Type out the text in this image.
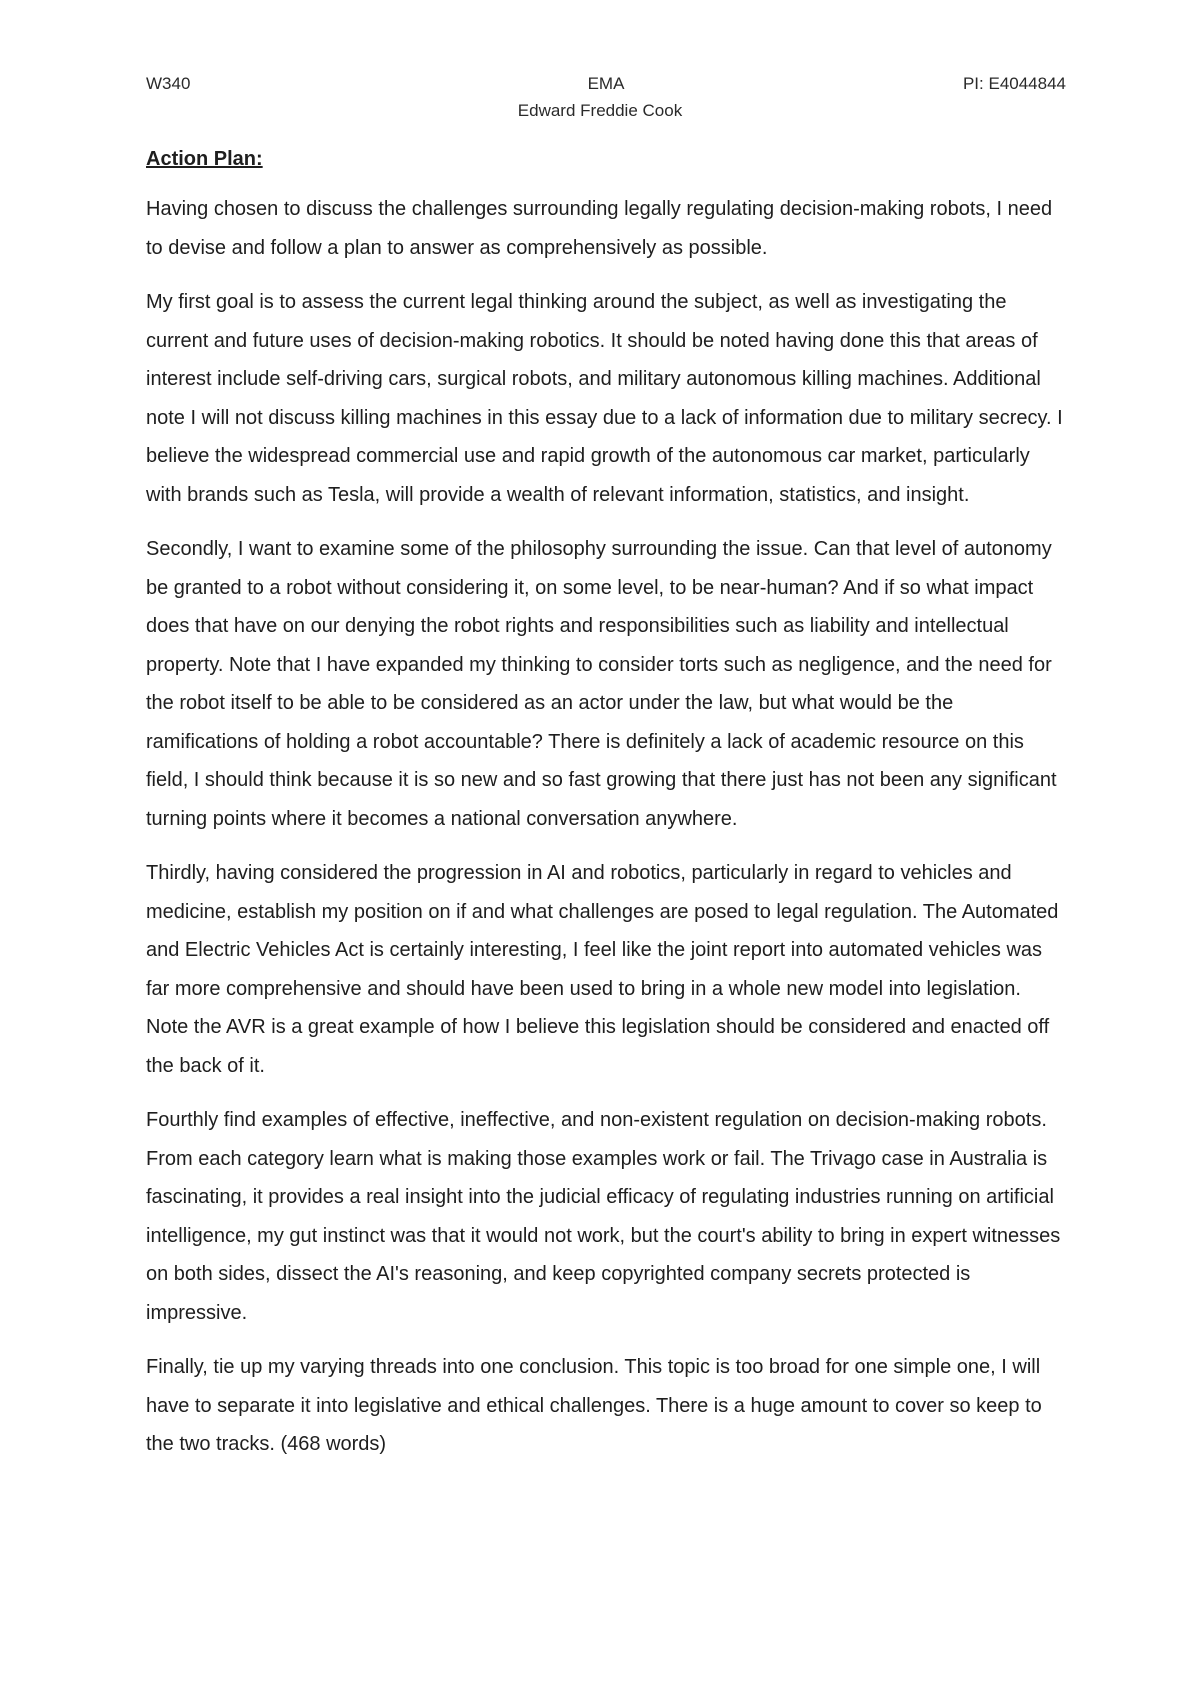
W340	EMA	PI: E4044844
Edward Freddie Cook
Action Plan:

Having chosen to discuss the challenges surrounding legally regulating decision-making robots, I need to devise and follow a plan to answer as comprehensively as possible.

My first goal is to assess the current legal thinking around the subject, as well as investigating the current and future uses of decision-making robotics. It should be noted having done this that areas of interest include self-driving cars, surgical robots, and military autonomous killing machines. Additional note I will not discuss killing machines in this essay due to a lack of information due to military secrecy. I believe the widespread commercial use and rapid growth of the autonomous car market, particularly with brands such as Tesla, will provide a wealth of relevant information, statistics, and insight.

Secondly, I want to examine some of the philosophy surrounding the issue. Can that level of autonomy be granted to a robot without considering it, on some level, to be near-human? And if so what impact does that have on our denying the robot rights and responsibilities such as liability and intellectual property. Note that I have expanded my thinking to consider torts such as negligence, and the need for the robot itself to be able to be considered as an actor under the law, but what would be the ramifications of holding a robot accountable? There is definitely a lack of academic resource on this field, I should think because it is so new and so fast growing that there just has not been any significant turning points where it becomes a national conversation anywhere.

Thirdly, having considered the progression in AI and robotics, particularly in regard to vehicles and medicine, establish my position on if and what challenges are posed to legal regulation. The Automated and Electric Vehicles Act is certainly interesting, I feel like the joint report into automated vehicles was far more comprehensive and should have been used to bring in a whole new model into legislation. Note the AVR is a great example of how I believe this legislation should be considered and enacted off the back of it.

Fourthly find examples of effective, ineffective, and non-existent regulation on decision-making robots. From each category learn what is making those examples work or fail. The Trivago case in Australia is fascinating, it provides a real insight into the judicial efficacy of regulating industries running on artificial intelligence, my gut instinct was that it would not work, but the court's ability to bring in expert witnesses on both sides, dissect the AI's reasoning, and keep copyrighted company secrets protected is impressive.

Finally, tie up my varying threads into one conclusion. This topic is too broad for one simple one, I will have to separate it into legislative and ethical challenges. There is a huge amount to cover so keep to the two tracks. (468 words)
